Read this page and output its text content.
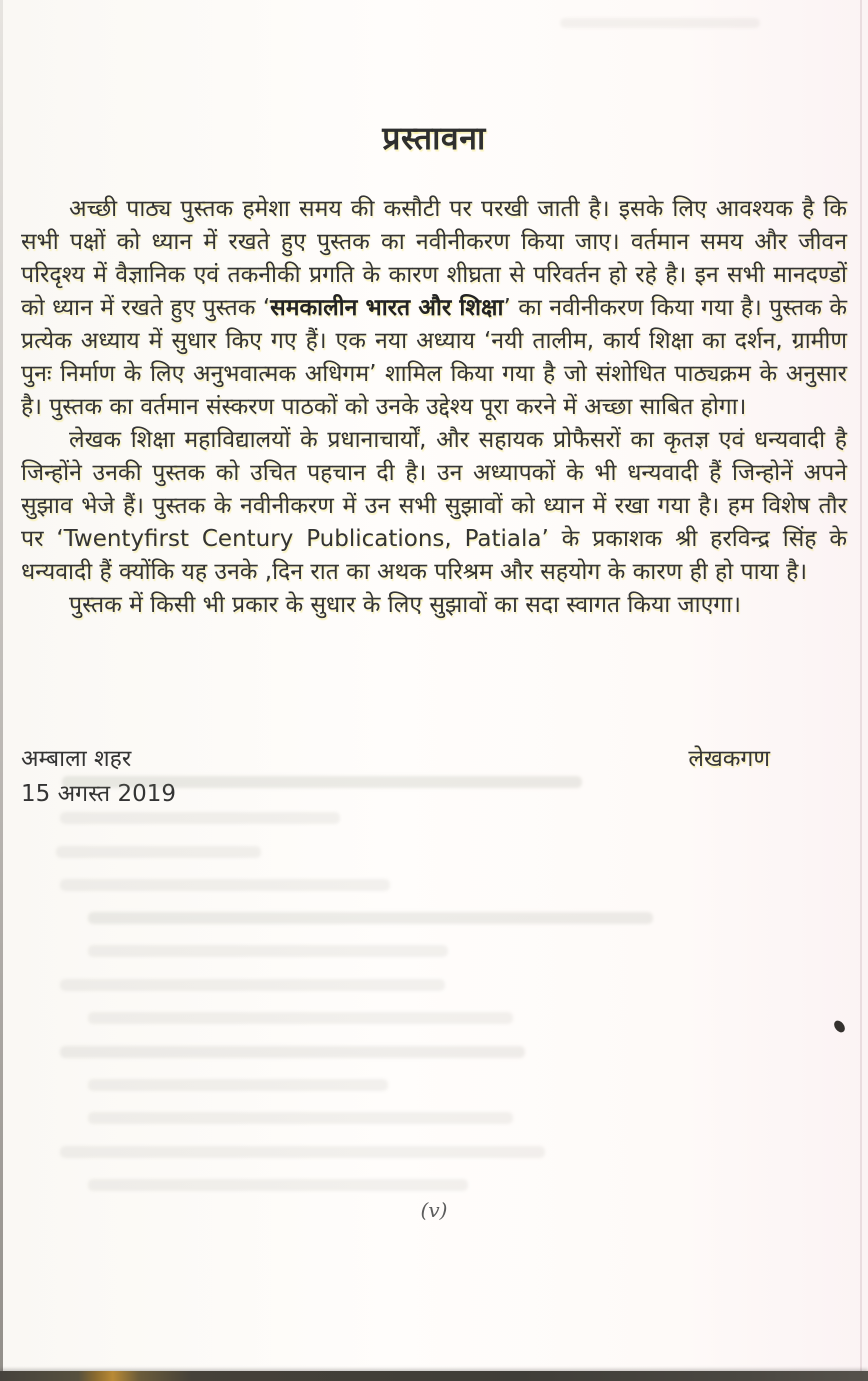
प्रस्तावना

अच्छी पाठ्य पुस्तक हमेशा समय की कसौटी पर परखी जाती है। इसके लिए आवश्यक है कि सभी पक्षों को ध्यान में रखते हुए पुस्तक का नवीनीकरण किया जाए। वर्तमान समय और जीवन परिदृश्य में वैज्ञानिक एवं तकनीकी प्रगति के कारण शीघ्रता से परिवर्तन हो रहे है। इन सभी मानदण्डों को ध्यान में रखते हुए पुस्तक ‘समकालीन भारत और शिक्षा’ का नवीनीकरण किया गया है। पुस्तक के प्रत्येक अध्याय में सुधार किए गए हैं। एक नया अध्याय ‘नयी तालीम, कार्य शिक्षा का दर्शन, ग्रामीण पुनः निर्माण के लिए अनुभवात्मक अधिगम’ शामिल किया गया है जो संशोधित पाठ्यक्रम के अनुसार है। पुस्तक का वर्तमान संस्करण पाठकों को उनके उद्देश्य पूरा करने में अच्छा साबित होगा।

लेखक शिक्षा महाविद्यालयों के प्रधानाचार्यों, और सहायक प्रोफैसरों का कृतज्ञ एवं धन्यवादी है जिन्होंने उनकी पुस्तक को उचित पहचान दी है। उन अध्यापकों के भी धन्यवादी हैं जिन्होनें अपने सुझाव भेजे हैं। पुस्तक के नवीनीकरण में उन सभी सुझावों को ध्यान में रखा गया है। हम विशेष तौर पर ‘Twentyfirst Century Publications, Patiala’ के प्रकाशक श्री हरविन्द्र सिंह के धन्यवादी हैं क्योंकि यह उनके ,दिन रात का अथक परिश्रम और सहयोग के कारण ही हो पाया है।

पुस्तक में किसी भी प्रकार के सुधार के लिए सुझावों का सदा स्वागत किया जाएगा।

अम्बाला शहर
15 अगस्त 2019
लेखकगण
(v)
